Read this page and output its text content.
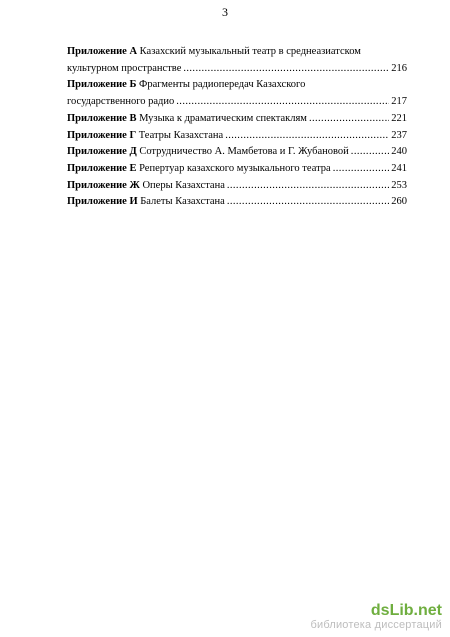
3
Приложение А Казахский музыкальный театр в среднеазиатском
культурном пространстве .....	216
Приложение Б Фрагменты радиопередач Казахского
государственного радио .....	217
Приложение В Музыка к драматическим спектаклям .....	221
Приложение Г Театры Казахстана .....	237
Приложение Д Сотрудничество А. Мамбетова и Г. Жубановой .....	240
Приложение Е Репертуар казахского музыкального театра .....	241
Приложение Ж Оперы Казахстана .....	253
Приложение И Балеты Казахстана .....	260
dsLib.net
библиотека диссертаций
